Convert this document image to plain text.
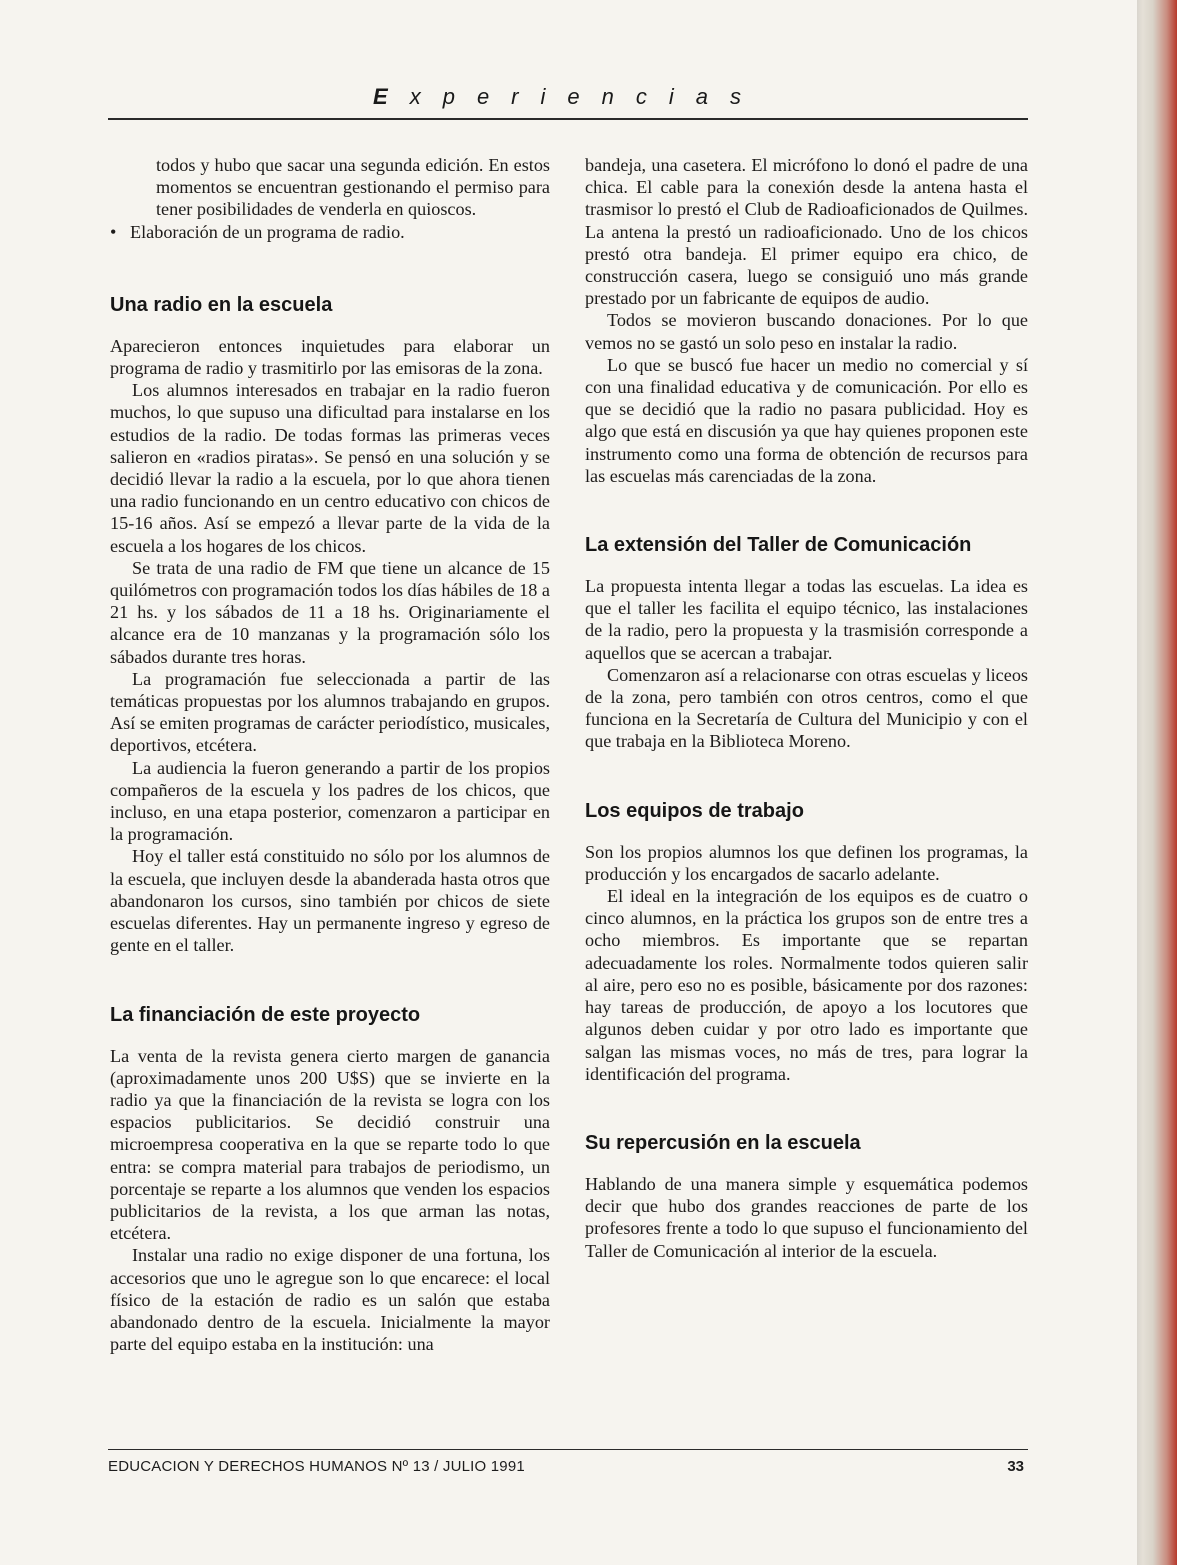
Experiencias

todos y hubo que sacar una segunda edición. En estos momentos se encuentran gestionando el permiso para tener posibilidades de venderla en quioscos.

• Elaboración de un programa de radio.

Una radio en la escuela

Aparecieron entonces inquietudes para elaborar un programa de radio y trasmitirlo por las emisoras de la zona.

Los alumnos interesados en trabajar en la radio fueron muchos, lo que supuso una dificultad para instalarse en los estudios de la radio. De todas formas las primeras veces salieron en «radios piratas». Se pensó en una solución y se decidió llevar la radio a la escuela, por lo que ahora tienen una radio funcionando en un centro educativo con chicos de 15-16 años. Así se empezó a llevar parte de la vida de la escuela a los hogares de los chicos.

Se trata de una radio de FM que tiene un alcance de 15 quilómetros con programación todos los días hábiles de 18 a 21 hs. y los sábados de 11 a 18 hs. Originariamente el alcance era de 10 manzanas y la programación sólo los sábados durante tres horas.

La programación fue seleccionada a partir de las temáticas propuestas por los alumnos trabajando en grupos. Así se emiten programas de carácter periodístico, musicales, deportivos, etcétera.

La audiencia la fueron generando a partir de los propios compañeros de la escuela y los padres de los chicos, que incluso, en una etapa posterior, comenzaron a participar en la programación.

Hoy el taller está constituido no sólo por los alumnos de la escuela, que incluyen desde la abanderada hasta otros que abandonaron los cursos, sino también por chicos de siete escuelas diferentes. Hay un permanente ingreso y egreso de gente en el taller.

La financiación de este proyecto

La venta de la revista genera cierto margen de ganancia (aproximadamente unos 200 U$S) que se invierte en la radio ya que la financiación de la revista se logra con los espacios publicitarios. Se decidió construir una microempresa cooperativa en la que se reparte todo lo que entra: se compra material para trabajos de periodismo, un porcentaje se reparte a los alumnos que venden los espacios publicitarios de la revista, a los que arman las notas, etcétera.

Instalar una radio no exige disponer de una fortuna, los accesorios que uno le agregue son lo que encarece: el local físico de la estación de radio es un salón que estaba abandonado dentro de la escuela. Inicialmente la mayor parte del equipo estaba en la institución: una

bandeja, una casetera. El micrófono lo donó el padre de una chica. El cable para la conexión desde la antena hasta el trasmisor lo prestó el Club de Radioaficionados de Quilmes. La antena la prestó un radioaficionado. Uno de los chicos prestó otra bandeja. El primer equipo era chico, de construcción casera, luego se consiguió uno más grande prestado por un fabricante de equipos de audio.

Todos se movieron buscando donaciones. Por lo que vemos no se gastó un solo peso en instalar la radio.

Lo que se buscó fue hacer un medio no comercial y sí con una finalidad educativa y de comunicación. Por ello es que se decidió que la radio no pasara publicidad. Hoy es algo que está en discusión ya que hay quienes proponen este instrumento como una forma de obtención de recursos para las escuelas más carenciadas de la zona.

La extensión del Taller de Comunicación

La propuesta intenta llegar a todas las escuelas. La idea es que el taller les facilita el equipo técnico, las instalaciones de la radio, pero la propuesta y la trasmisión corresponde a aquellos que se acercan a trabajar.

Comenzaron así a relacionarse con otras escuelas y liceos de la zona, pero también con otros centros, como el que funciona en la Secretaría de Cultura del Municipio y con el que trabaja en la Biblioteca Moreno.

Los equipos de trabajo

Son los propios alumnos los que definen los programas, la producción y los encargados de sacarlo adelante.

El ideal en la integración de los equipos es de cuatro o cinco alumnos, en la práctica los grupos son de entre tres a ocho miembros. Es importante que se repartan adecuadamente los roles. Normalmente todos quieren salir al aire, pero eso no es posible, básicamente por dos razones: hay tareas de producción, de apoyo a los locutores que algunos deben cuidar y por otro lado es importante que salgan las mismas voces, no más de tres, para lograr la identificación del programa.

Su repercusión en la escuela

Hablando de una manera simple y esquemática podemos decir que hubo dos grandes reacciones de parte de los profesores frente a todo lo que supuso el funcionamiento del Taller de Comunicación al interior de la escuela.

EDUCACION Y DERECHOS HUMANOS Nº 13 / JULIO 1991	33
